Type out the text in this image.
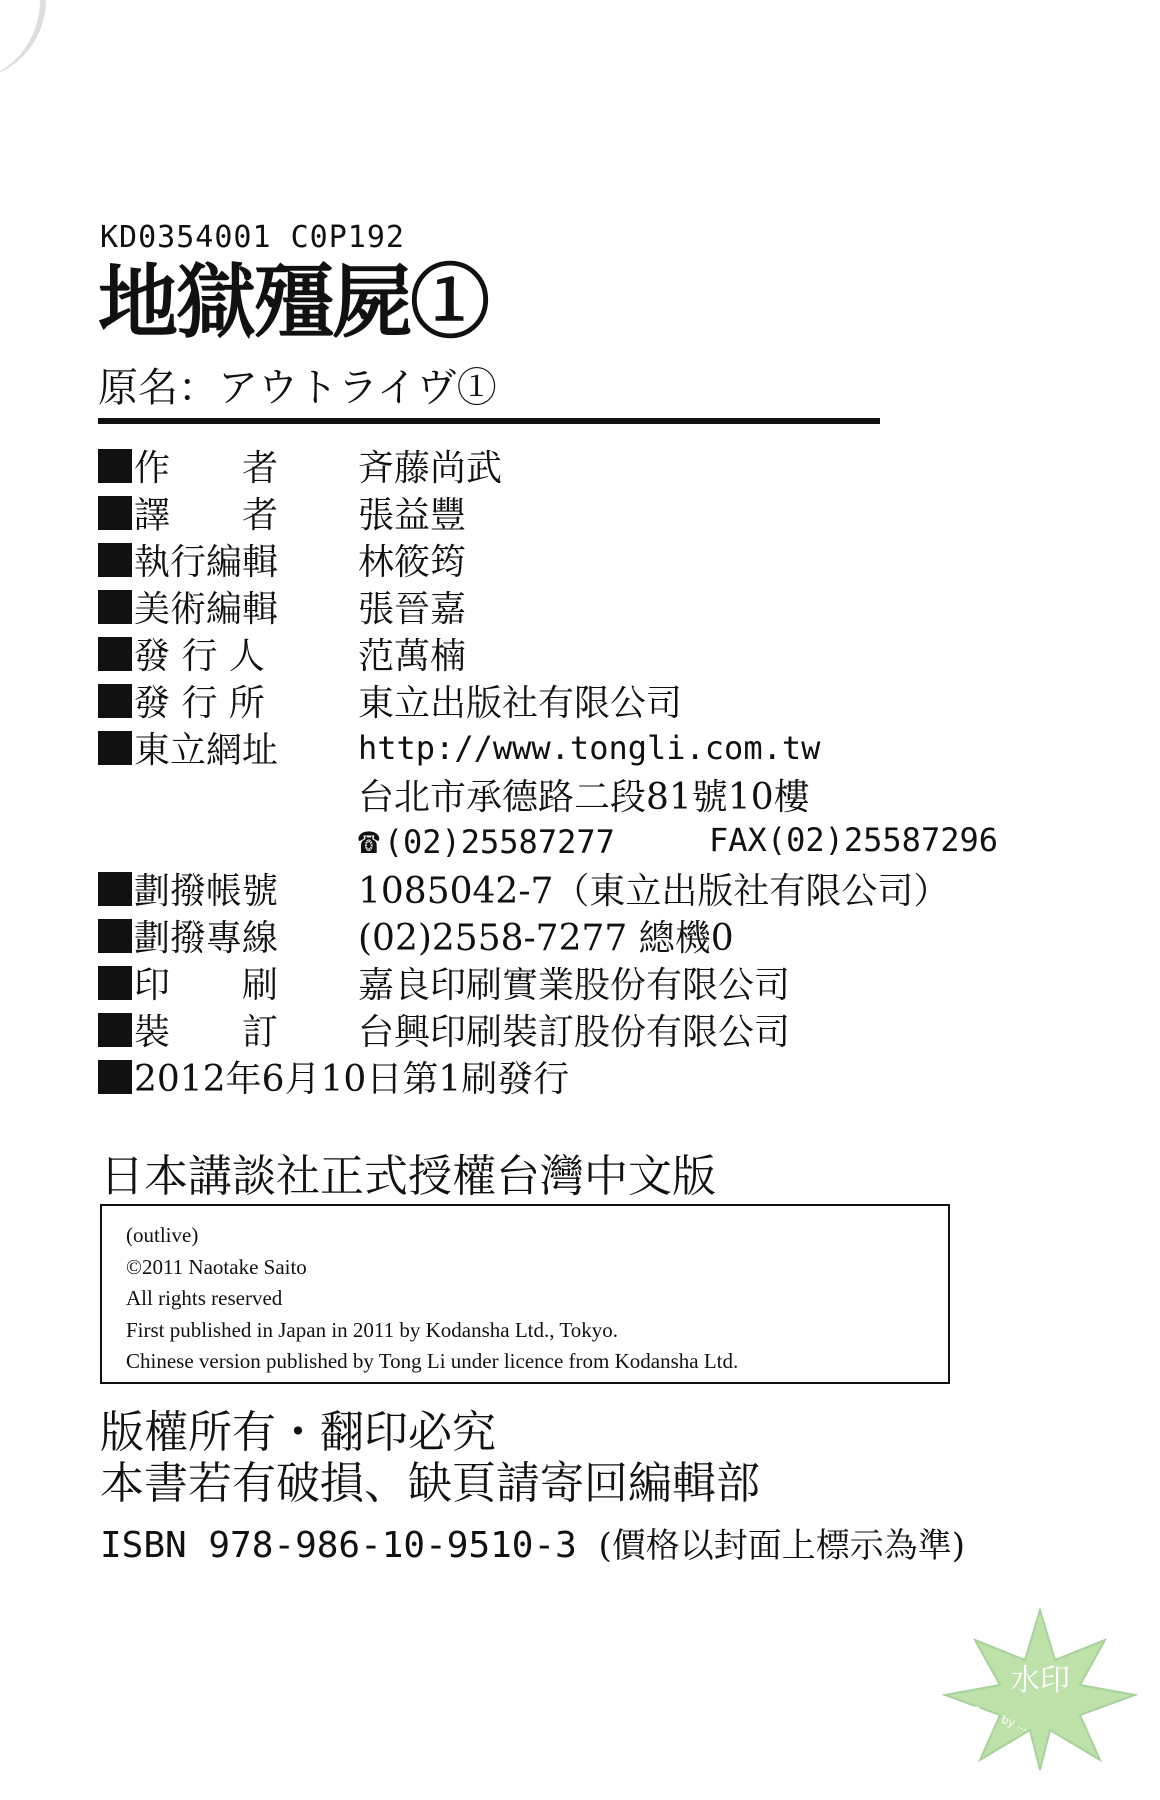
KD0354001 C0P192
地獄殭屍①
原名：アウトライヴ①
作　　者 斉藤尚武
譯　　者 張益豐
執行編輯 林筱筠
美術編輯 張晉嘉
發 行 人	范萬楠
發 行 所	東立出版社有限公司
東立網址 http://www.tongli.com.tw
台北市承德路二段81號10樓
☎ (02)25587277	FAX(02)25587296
劃撥帳號 1085042-7（東立出版社有限公司）
劃撥專線 (02)2558-7277 總機0
印　　刷 嘉良印刷實業股份有限公司
裝　　訂 台興印刷裝訂股份有限公司
2012年6月10日第1刷發行
日本講談社正式授權台灣中文版
(outlive)
©2011 Naotake Saito
All rights reserved
First published in Japan in 2011 by Kodansha Ltd., Tokyo.
Chinese version published by Tong Li under licence from Kodansha Ltd.
版權所有・翻印必究
本書若有破損、缺頁請寄回編輯部
ISBN 978-986-10-9510-3 (價格以封面上標示為準)
水印
Scan by ...
